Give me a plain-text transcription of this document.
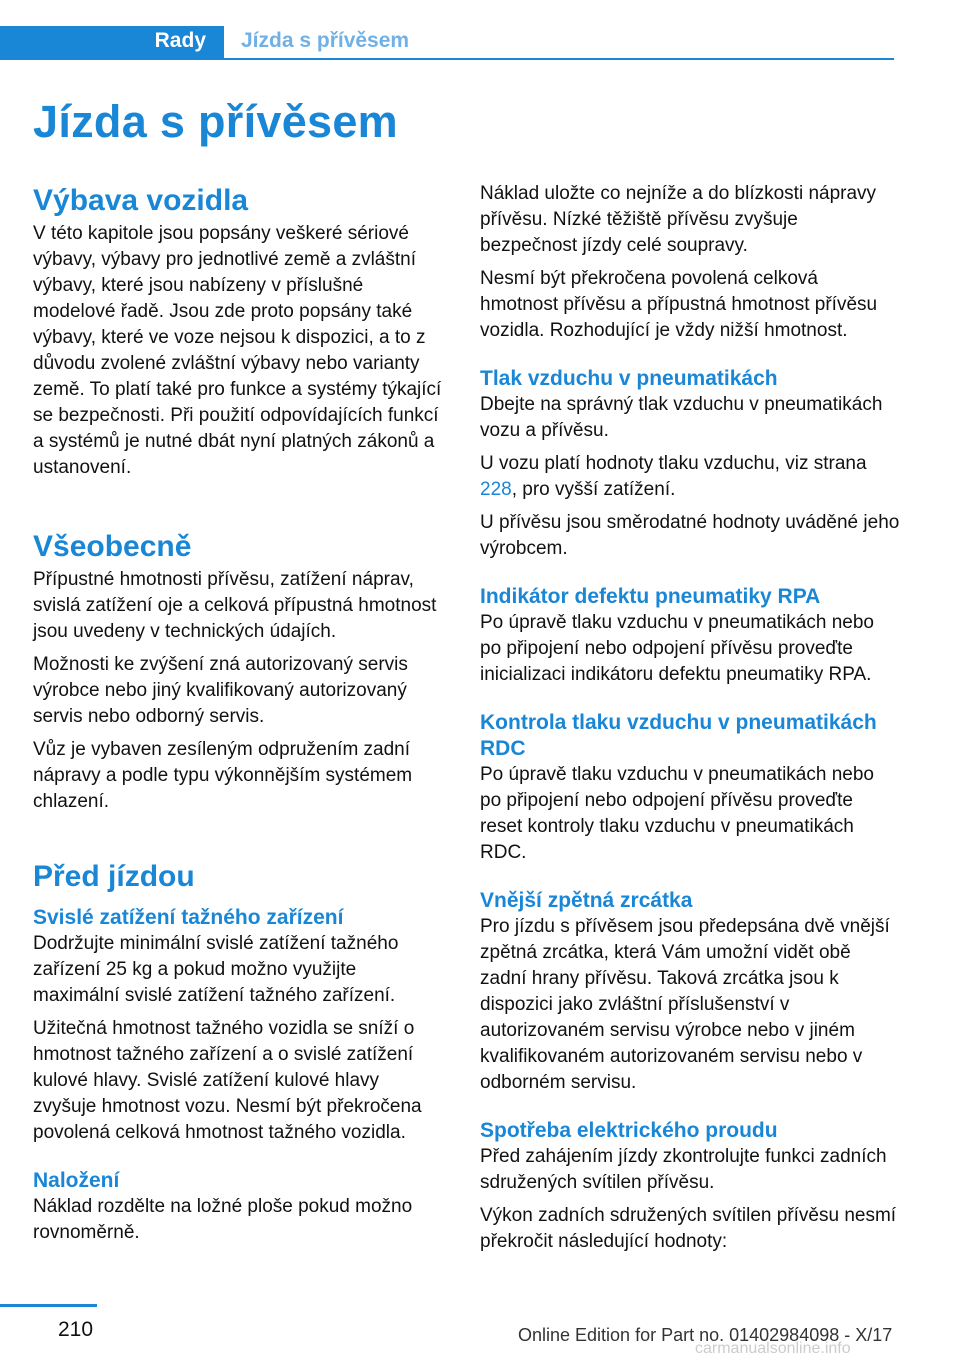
Rady Jízda s přívěsem
Jízda s přívěsem
Výbava vozidla

V této kapitole jsou popsány veškeré sériové výbavy, výbavy pro jednotlivé země a zvláštní výbavy, které jsou nabízeny v příslušné modelové řadě. Jsou zde proto popsány také výbavy, které ve voze nejsou k dispozici, a to z důvodu zvolené zvláštní výbavy nebo varianty země. To platí také pro funkce a systémy týkající se bezpečnosti. Při použití odpovídajících funkcí a systémů je nutné dbát nyní platných zákonů a ustanovení.

Všeobecně

Přípustné hmotnosti přívěsu, zatížení náprav, svislá zatížení oje a celková přípustná hmotnost jsou uvedeny v technických údajích.

Možnosti ke zvýšení zná autorizovaný servis výrobce nebo jiný kvalifikovaný autorizovaný servis nebo odborný servis.

Vůz je vybaven zesíleným odpružením zadní nápravy a podle typu výkonnějším systémem chlazení.

Před jízdou
Svislé zatížení tažného zařízení

Dodržujte minimální svislé zatížení tažného zařízení 25 kg a pokud možno využijte maximální svislé zatížení tažného zařízení.

Užitečná hmotnost tažného vozidla se sníží o hmotnost tažného zařízení a o svislé zatížení kulové hlavy. Svislé zatížení kulové hlavy zvyšuje hmotnost vozu. Nesmí být překročena povolená celková hmotnost tažného vozidla.

Naložení

Náklad rozdělte na ložné ploše pokud možno rovnoměrně.

Náklad uložte co nejníže a do blízkosti nápravy přívěsu. Nízké těžiště přívěsu zvyšuje bezpečnost jízdy celé soupravy.

Nesmí být překročena povolená celková hmotnost přívěsu a přípustná hmotnost přívěsu vozidla. Rozhodující je vždy nižší hmotnost.

Tlak vzduchu v pneumatikách

Dbejte na správný tlak vzduchu v pneumatikách vozu a přívěsu.

U vozu platí hodnoty tlaku vzduchu, viz strana 228, pro vyšší zatížení.

U přívěsu jsou směrodatné hodnoty uváděné jeho výrobcem.

Indikátor defektu pneumatiky RPA

Po úpravě tlaku vzduchu v pneumatikách nebo po připojení nebo odpojení přívěsu proveďte inicializaci indikátoru defektu pneumatiky RPA.

Kontrola tlaku vzduchu v pneumatikách RDC

Po úpravě tlaku vzduchu v pneumatikách nebo po připojení nebo odpojení přívěsu proveďte reset kontroly tlaku vzduchu v pneumatikách RDC.

Vnější zpětná zrcátka

Pro jízdu s přívěsem jsou předepsána dvě vnější zpětná zrcátka, která Vám umožní vidět obě zadní hrany přívěsu. Taková zrcátka jsou k dispozici jako zvláštní příslušenství v autorizovaném servisu výrobce nebo v jiném kvalifikovaném autorizovaném servisu nebo v odborném servisu.

Spotřeba elektrického proudu

Před zahájením jízdy zkontrolujte funkci zadních sdružených svítilen přívěsu.

Výkon zadních sdružených svítilen přívěsu nesmí překročit následující hodnoty:

210	Online Edition for Part no. 01402984098 - X/17
carmanualsonline.info
